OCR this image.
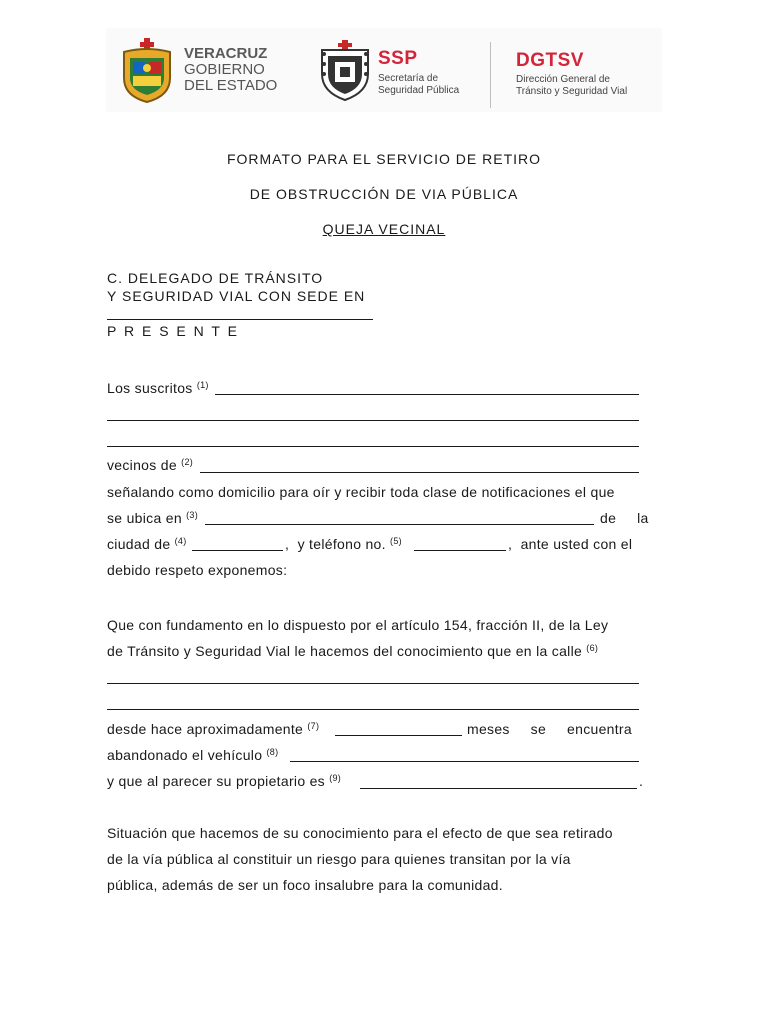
VERACRUZ
GOBIERNO
DEL ESTADO
SSP
Secretaría de
Seguridad Pública
DGTSV
Dirección General de
Tránsito y Seguridad Vial
FORMATO PARA EL SERVICIO DE RETIRO
DE OBSTRUCCIÓN DE VIA PÚBLICA
QUEJA VECINAL
C. DELEGADO DE TRÁNSITO
Y SEGURIDAD VIAL CON SEDE EN
P R E S E N T E
Los suscritos $^{(1)}$
vecinos de $^{(2)}$
señalando como domicilio para oír y recibir toda clase de notificaciones el que
se ubica en $^{(3)}$	de     la
ciudad de $^{(4)}$	,  y teléfono no. $^{(5)}$	,  ante usted con el
debido respeto exponemos:
Que con fundamento en lo dispuesto por el artículo 154, fracción II, de la Ley
de Tránsito y Seguridad Vial le hacemos del conocimiento que en la calle $^{(6)}$
desde hace aproximadamente $^{(7)}$	meses     se     encuentra
abandonado el vehículo $^{(8)}$
y que al parecer su propietario es $^{(9)}$	.
Situación que hacemos de su conocimiento para el efecto de que sea retirado
de la vía pública al constituir un riesgo para quienes transitan por la vía
pública, además de ser un foco insalubre para la comunidad.
